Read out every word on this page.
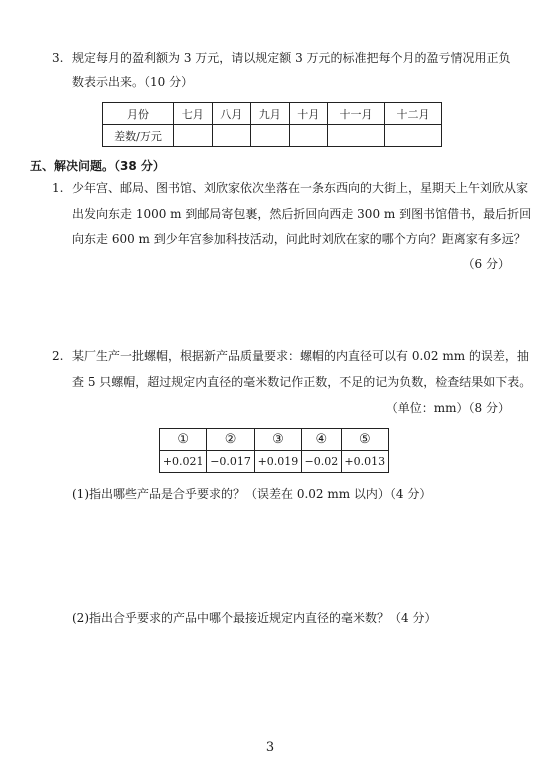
3. 规定每月的盈利额为 3 万元，请以规定额 3 万元的标准把每个月的盈亏情况用正负
数表示出来。（10 分）
月份	七月	八月	九月	十月	十一月	十二月
差数/万元						
五、解决问题。（38 分）
1. 少年宫、邮局、图书馆、刘欣家依次坐落在一条东西向的大街上，星期天上午刘欣从家
出发向东走 1000 m 到邮局寄包裹，然后折回向西走 300 m 到图书馆借书，最后折回
向东走 600 m 到少年宫参加科技活动，问此时刘欣在家的哪个方向？距离家有多远？
（6 分）
2. 某厂生产一批螺帽，根据新产品质量要求：螺帽的内直径可以有 0.02 mm 的误差，抽
查 5 只螺帽，超过规定内直径的毫米数记作正数，不足的记为负数，检查结果如下表。
（单位：mm）（8 分）
①	②	③	④	⑤
+0.021	−0.017	+0.019	−0.02	+0.013
(1)指出哪些产品是合乎要求的？（误差在 0.02 mm 以内）（4 分）
(2)指出合乎要求的产品中哪个最接近规定内直径的毫米数？（4 分）
3
